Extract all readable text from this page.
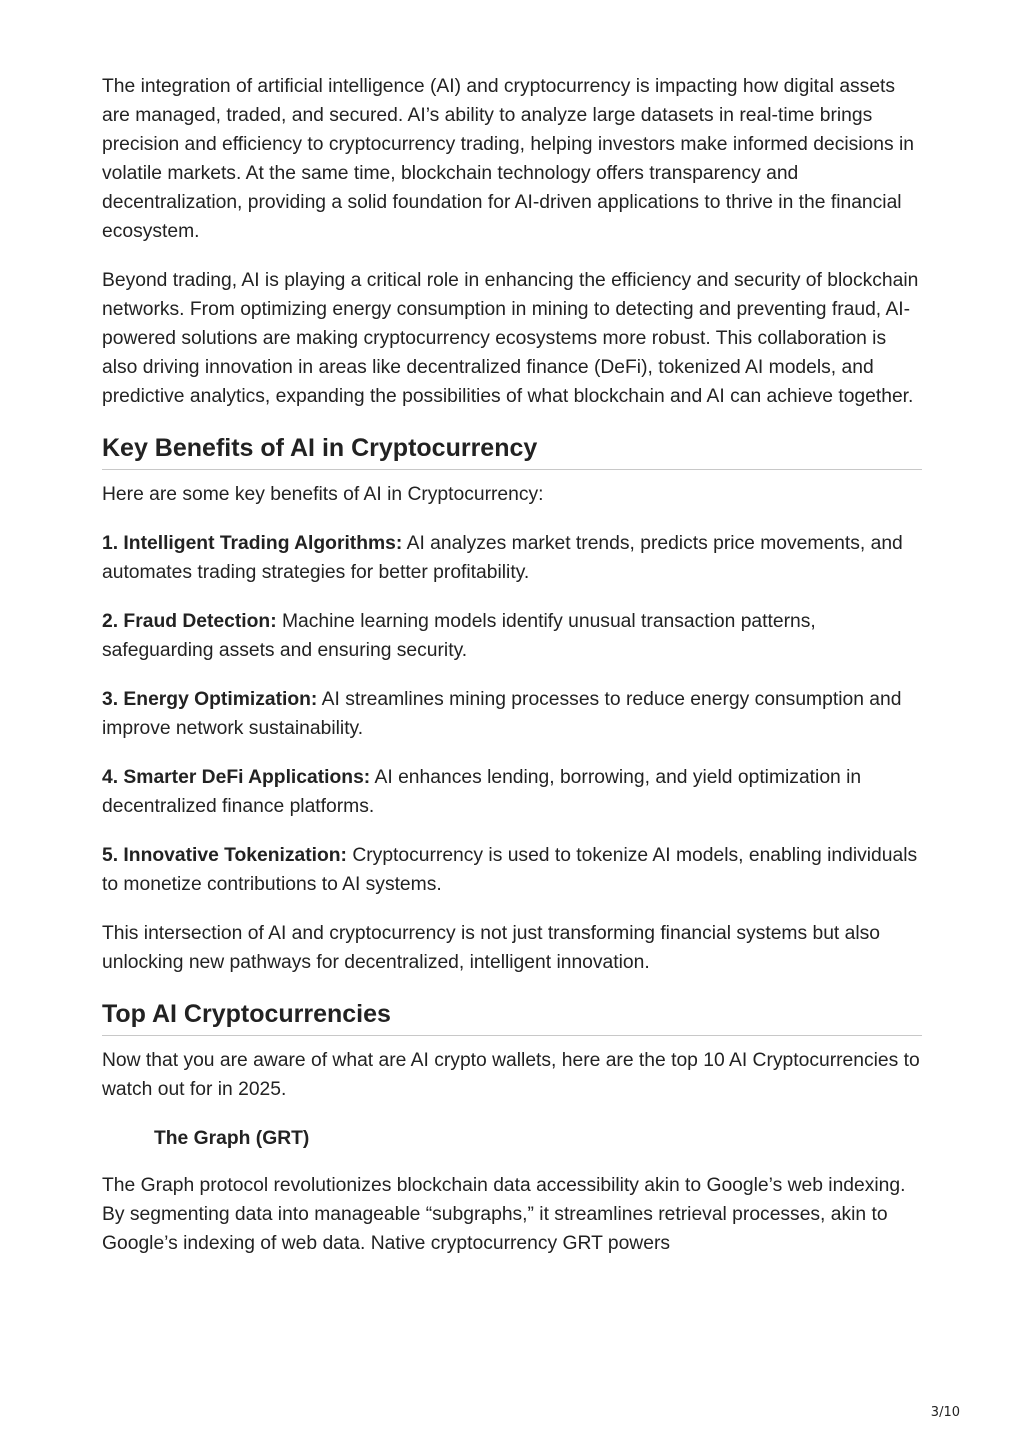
The integration of artificial intelligence (AI) and cryptocurrency is impacting how digital assets are managed, traded, and secured. AI’s ability to analyze large datasets in real-time brings precision and efficiency to cryptocurrency trading, helping investors make informed decisions in volatile markets. At the same time, blockchain technology offers transparency and decentralization, providing a solid foundation for AI-driven applications to thrive in the financial ecosystem.

Beyond trading, AI is playing a critical role in enhancing the efficiency and security of blockchain networks. From optimizing energy consumption in mining to detecting and preventing fraud, AI-powered solutions are making cryptocurrency ecosystems more robust. This collaboration is also driving innovation in areas like decentralized finance (DeFi), tokenized AI models, and predictive analytics, expanding the possibilities of what blockchain and AI can achieve together.

Key Benefits of AI in Cryptocurrency

Here are some key benefits of AI in Cryptocurrency:

1. Intelligent Trading Algorithms: AI analyzes market trends, predicts price movements, and automates trading strategies for better profitability.

2. Fraud Detection: Machine learning models identify unusual transaction patterns, safeguarding assets and ensuring security.

3. Energy Optimization: AI streamlines mining processes to reduce energy consumption and improve network sustainability.

4. Smarter DeFi Applications: AI enhances lending, borrowing, and yield optimization in decentralized finance platforms.

5. Innovative Tokenization: Cryptocurrency is used to tokenize AI models, enabling individuals to monetize contributions to AI systems.

This intersection of AI and cryptocurrency is not just transforming financial systems but also unlocking new pathways for decentralized, intelligent innovation.

Top AI Cryptocurrencies

Now that you are aware of what are AI crypto wallets, here are the top 10 AI Cryptocurrencies to watch out for in 2025.

The Graph (GRT)

The Graph protocol revolutionizes blockchain data accessibility akin to Google’s web indexing. By segmenting data into manageable “subgraphs,” it streamlines retrieval processes, akin to Google’s indexing of web data. Native cryptocurrency GRT powers

3/10
